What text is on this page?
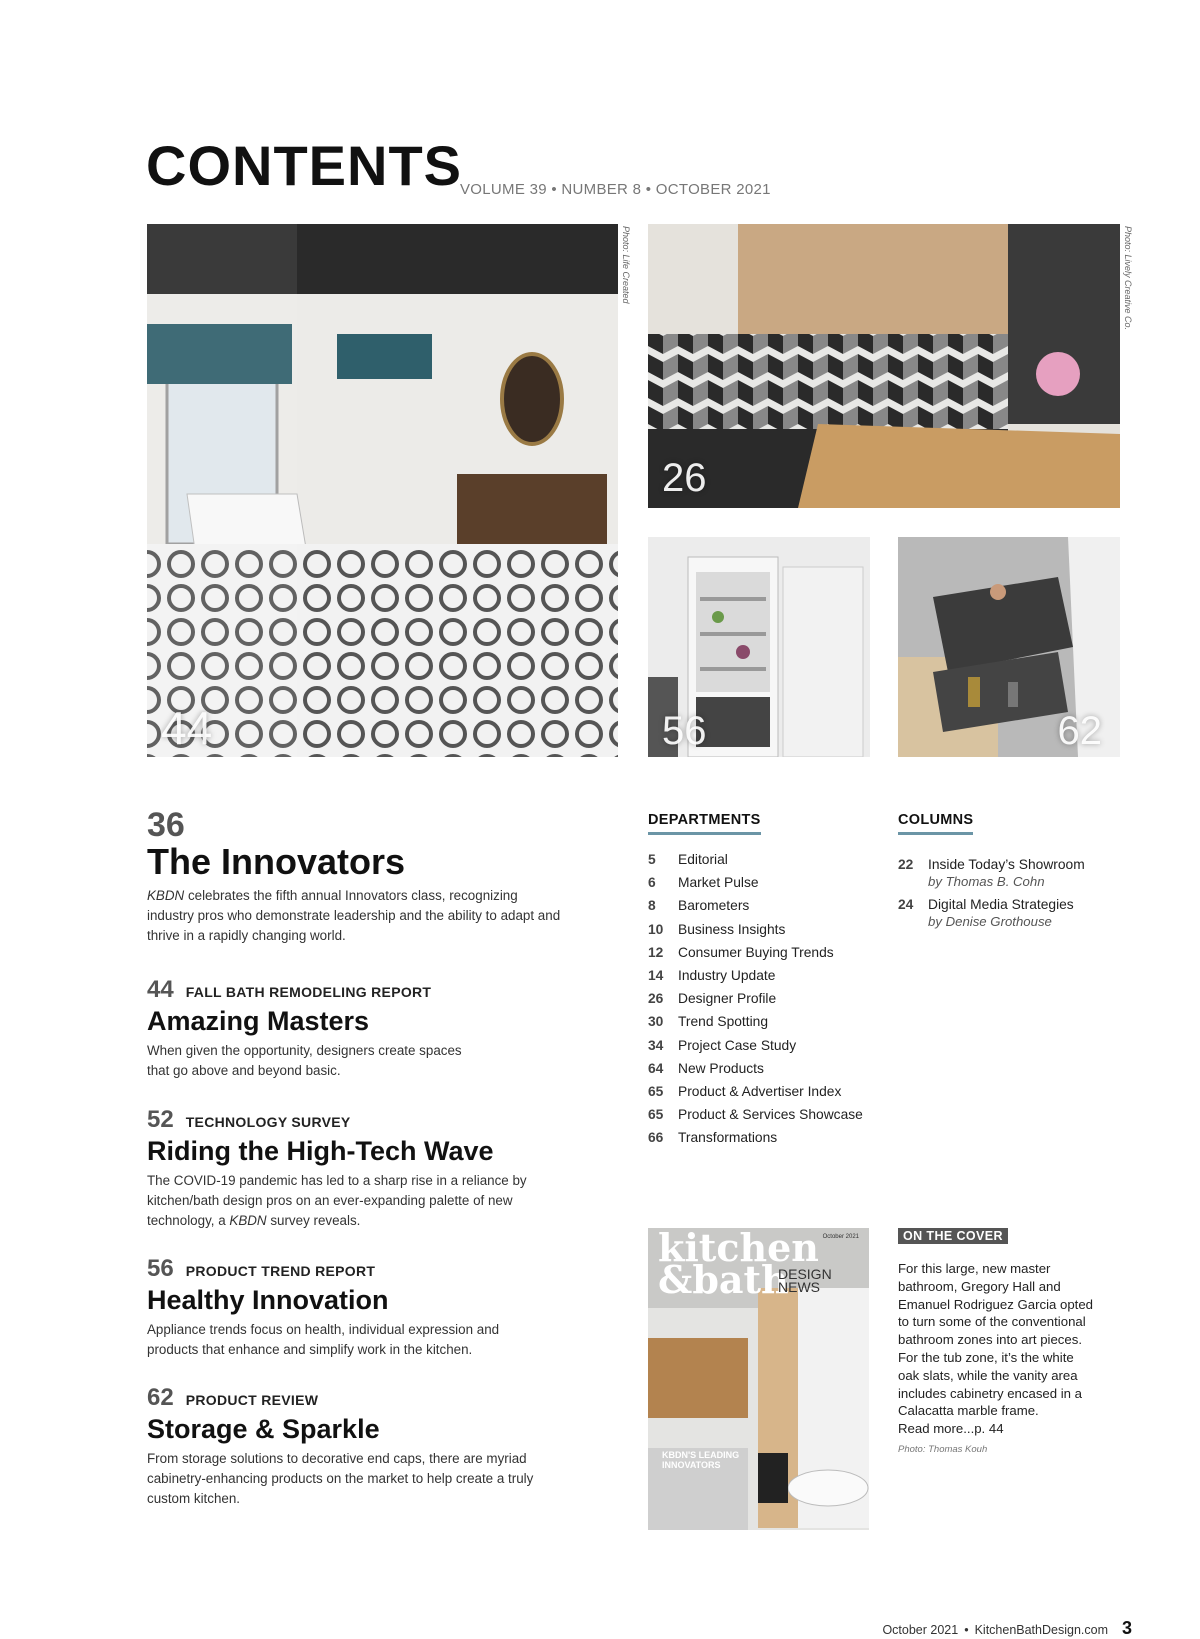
CONTENTS
VOLUME 39 • NUMBER 8 • OCTOBER 2021
44
Photo: Life Created
26
Photo: Lively Creative Co.
56	62
36
The Innovators
KBDN celebrates the fifth annual Innovators class, recognizing industry pros who demonstrate leadership and the ability to adapt and thrive in a rapidly changing world.
44 FALL BATH REMODELING REPORT
Amazing Masters
When given the opportunity, designers create spaces that go above and beyond basic.
52 TECHNOLOGY SURVEY
Riding the High-Tech Wave
The COVID-19 pandemic has led to a sharp rise in a reliance by kitchen/bath design pros on an ever-expanding palette of new technology, a KBDN survey reveals.
56 PRODUCT TREND REPORT
Healthy Innovation
Appliance trends focus on health, individual expression and products that enhance and simplify work in the kitchen.
62 PRODUCT REVIEW
Storage & Sparkle
From storage solutions to decorative end caps, there are myriad cabinetry-enhancing products on the market to help create a truly custom kitchen.
DEPARTMENTS
5	Editorial
6	Market Pulse
8	Barometers
10	Business Insights
12	Consumer Buying Trends
14	Industry Update
26	Designer Profile
30	Trend Spotting
34	Project Case Study
64	New Products
65	Product & Advertiser Index
65	Product & Services Showcase
66	Transformations
COLUMNS
22	Inside Today’s Showroom
by Thomas B. Cohn
24	Digital Media Strategies
by Denise Grothouse
kitchen
&bath
DESIGN
NEWS
October 2021
KBDN'S LEADING INNOVATORS
ON THE COVER
For this large, new master bathroom, Gregory Hall and Emanuel Rodriguez Garcia opted to turn some of the conventional bathroom zones into art pieces. For the tub zone, it’s the white oak slats, while the vanity area includes cabinetry encased in a Calacatta marble frame.
Read more...p. 44
Photo: Thomas Kouh
October 2021 • KitchenBathDesign.com 3
